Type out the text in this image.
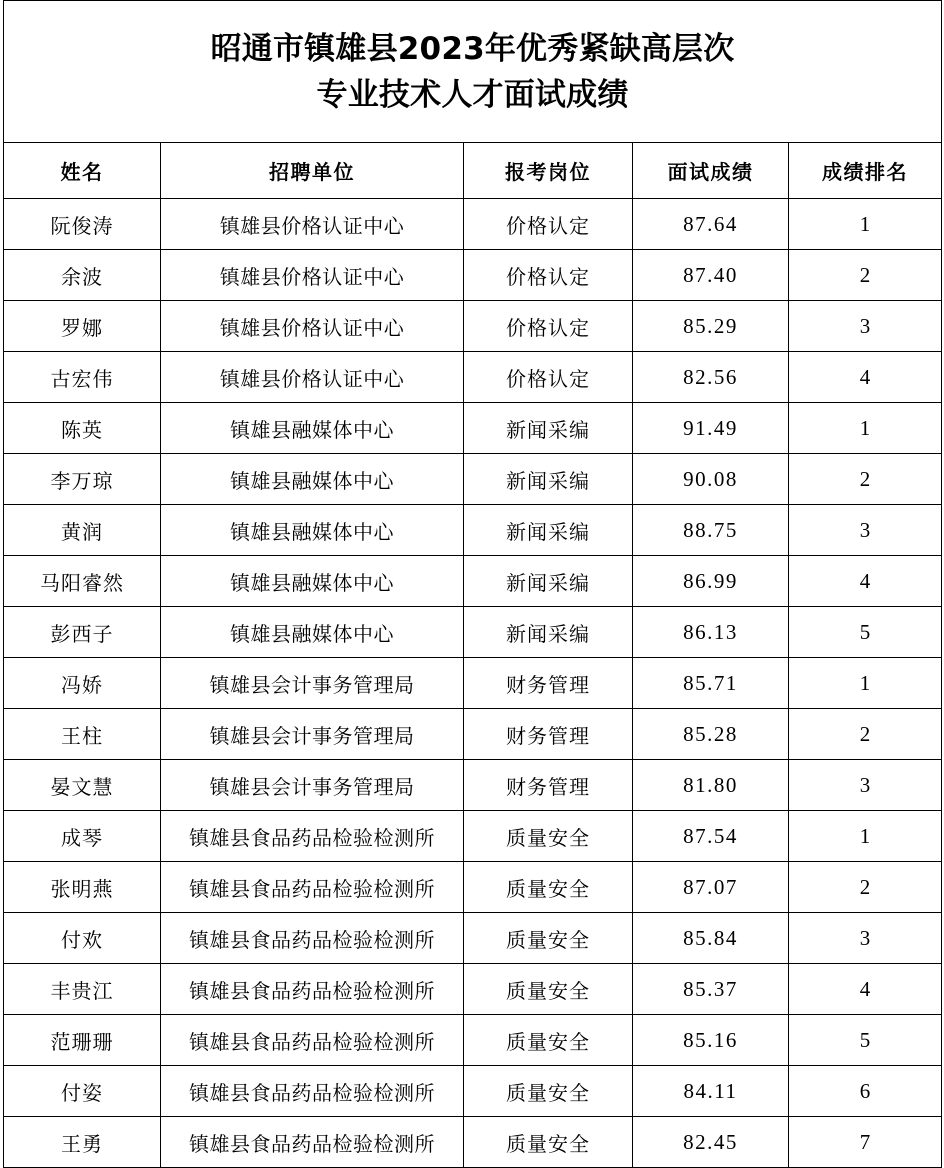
昭通市镇雄县2023年优秀紧缺高层次
专业技术人才面试成绩				

姓名	招聘单位	报考岗位	面试成绩	成绩排名
阮俊涛	镇雄县价格认证中心	价格认定	87.64	1
余波	镇雄县价格认证中心	价格认定	87.40	2
罗娜	镇雄县价格认证中心	价格认定	85.29	3
古宏伟	镇雄县价格认证中心	价格认定	82.56	4
陈英	镇雄县融媒体中心	新闻采编	91.49	1
李万琼	镇雄县融媒体中心	新闻采编	90.08	2
黄润	镇雄县融媒体中心	新闻采编	88.75	3
马阳睿然	镇雄县融媒体中心	新闻采编	86.99	4
彭西子	镇雄县融媒体中心	新闻采编	86.13	5
冯娇	镇雄县会计事务管理局	财务管理	85.71	1
王柱	镇雄县会计事务管理局	财务管理	85.28	2
晏文慧	镇雄县会计事务管理局	财务管理	81.80	3
成琴	镇雄县食品药品检验检测所	质量安全	87.54	1
张明燕	镇雄县食品药品检验检测所	质量安全	87.07	2
付欢	镇雄县食品药品检验检测所	质量安全	85.84	3
丰贵江	镇雄县食品药品检验检测所	质量安全	85.37	4
范珊珊	镇雄县食品药品检验检测所	质量安全	85.16	5
付姿	镇雄县食品药品检验检测所	质量安全	84.11	6
王勇	镇雄县食品药品检验检测所	质量安全	82.45	7
